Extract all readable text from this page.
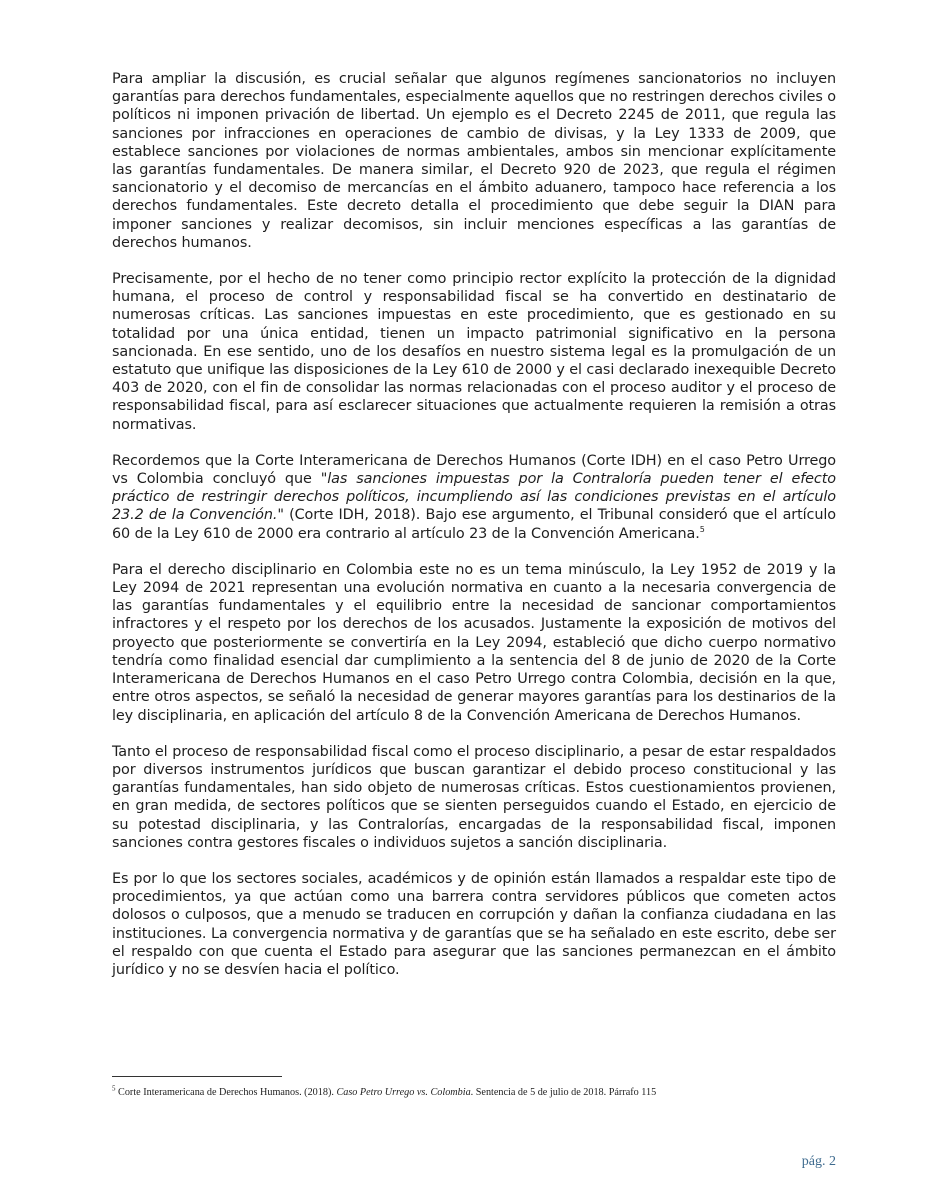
Para ampliar la discusión, es crucial señalar que algunos regímenes sancionatorios no incluyen garantías para derechos fundamentales, especialmente aquellos que no restringen derechos civiles o políticos ni imponen privación de libertad. Un ejemplo es el Decreto 2245 de 2011, que regula las sanciones por infracciones en operaciones de cambio de divisas, y la Ley 1333 de 2009, que establece sanciones por violaciones de normas ambientales, ambos sin mencionar explícitamente las garantías fundamentales. De manera similar, el Decreto 920 de 2023, que regula el régimen sancionatorio y el decomiso de mercancías en el ámbito aduanero, tampoco hace referencia a los derechos fundamentales. Este decreto detalla el procedimiento que debe seguir la DIAN para imponer sanciones y realizar decomisos, sin incluir menciones específicas a las garantías de derechos humanos.

Precisamente, por el hecho de no tener como principio rector explícito la protección de la dignidad humana, el proceso de control y responsabilidad fiscal se ha convertido en destinatario de numerosas críticas. Las sanciones impuestas en este procedimiento, que es gestionado en su totalidad por una única entidad, tienen un impacto patrimonial significativo en la persona sancionada. En ese sentido, uno de los desafíos en nuestro sistema legal es la promulgación de un estatuto que unifique las disposiciones de la Ley 610 de 2000 y el casi declarado inexequible Decreto 403 de 2020, con el fin de consolidar las normas relacionadas con el proceso auditor y el proceso de responsabilidad fiscal, para así esclarecer situaciones que actualmente requieren la remisión a otras normativas.

Recordemos que la Corte Interamericana de Derechos Humanos (Corte IDH) en el caso Petro Urrego vs Colombia concluyó que "las sanciones impuestas por la Contraloría pueden tener el efecto práctico de restringir derechos políticos, incumpliendo así las condiciones previstas en el artículo 23.2 de la Convención." (Corte IDH, 2018). Bajo ese argumento, el Tribunal consideró que el artículo 60 de la Ley 610 de 2000 era contrario al artículo 23 de la Convención Americana.$^5$

Para el derecho disciplinario en Colombia este no es un tema minúsculo, la Ley 1952 de 2019 y la Ley 2094 de 2021 representan una evolución normativa en cuanto a la necesaria convergencia de las garantías fundamentales y el equilibrio entre la necesidad de sancionar comportamientos infractores y el respeto por los derechos de los acusados. Justamente la exposición de motivos del proyecto que posteriormente se convertiría en la Ley 2094, estableció que dicho cuerpo normativo tendría como finalidad esencial dar cumplimiento a la sentencia del 8 de junio de 2020 de la Corte Interamericana de Derechos Humanos en el caso Petro Urrego contra Colombia, decisión en la que, entre otros aspectos, se señaló la necesidad de generar mayores garantías para los destinarios de la ley disciplinaria, en aplicación del artículo 8 de la Convención Americana de Derechos Humanos.

Tanto el proceso de responsabilidad fiscal como el proceso disciplinario, a pesar de estar respaldados por diversos instrumentos jurídicos que buscan garantizar el debido proceso constitucional y las garantías fundamentales, han sido objeto de numerosas críticas. Estos cuestionamientos provienen, en gran medida, de sectores políticos que se sienten perseguidos cuando el Estado, en ejercicio de su potestad disciplinaria, y las Contralorías, encargadas de la responsabilidad fiscal, imponen sanciones contra gestores fiscales o individuos sujetos a sanción disciplinaria.

Es por lo que los sectores sociales, académicos y de opinión están llamados a respaldar este tipo de procedimientos, ya que actúan como una barrera contra servidores públicos que cometen actos dolosos o culposos, que a menudo se traducen en corrupción y dañan la confianza ciudadana en las instituciones. La convergencia normativa y de garantías que se ha señalado en este escrito, debe ser el respaldo con que cuenta el Estado para asegurar que las sanciones permanezcan en el ámbito jurídico y no se desvíen hacia el político.

$^5$ Corte Interamericana de Derechos Humanos. (2018). Caso Petro Urrego vs. Colombia. Sentencia de 5 de julio de 2018. Párrafo 115
pág. 2
